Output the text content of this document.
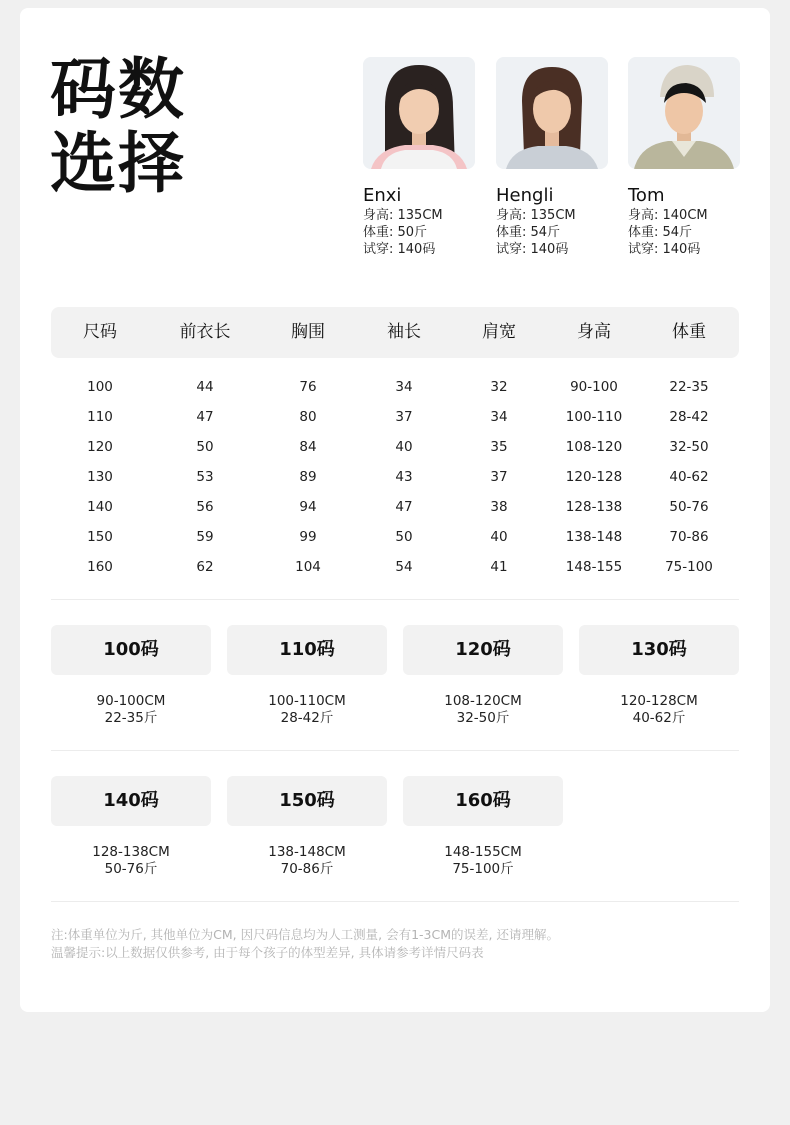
码数
选择	Enxi
身高: 135CM
体重: 50斤
试穿: 140码
Hengli
身高: 135CM
体重: 54斤
试穿: 140码
Tom
身高: 140CM
体重: 54斤
试穿: 140码
尺码	前衣长	胸围	袖长	肩宽	身高	体重
100	44	76	34	32	90-100	22-35
110	47	80	37	34	100-110	28-42
120	50	84	40	35	108-120	32-50
130	53	89	43	37	120-128	40-62
140	56	94	47	38	128-138	50-76
150	59	99	50	40	138-148	70-86
160	62	104	54	41	148-155	75-100
100码	110码	120码	130码
90-100CM
22-35斤
100-110CM
28-42斤
108-120CM
32-50斤
120-128CM
40-62斤
140码	150码	160码
128-138CM
50-76斤
138-148CM
70-86斤
148-155CM
75-100斤
注:体重单位为斤, 其他单位为CM, 因尺码信息均为人工测量, 会有1-3CM的误差, 还请理解。
温馨提示:以上数据仅供参考, 由于每个孩子的体型差异, 具体请参考详情尺码表
